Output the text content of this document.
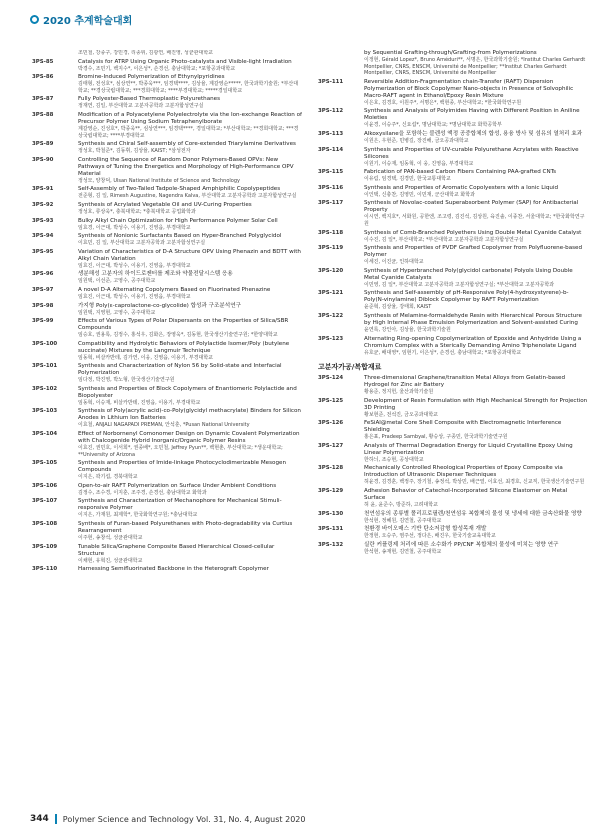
2020 추계학술대회
조민철, 강종구, 강민경, 리종위, 김광연, 배진영, 성균관대학교
3PS-85	Catalysis for ATRP Using Organic Photo-catalysts and Visible-light Irradiation
박경수, 조민기, 백지수*, 이은성*, 손경선, 충남대학교; *포항공과대학교
3PS-86	Bromine-Induced Polymerization of Ethynylpyridines
김태형, 전성호*, 심상연**, 박종욱***, 임경택****, 김상율, 계갈영순*****, 한국과학기술원; *부산대학교; **경상국립대학교; ***경희대학교; ****부경대학교; *****경일대학교
3PS-87	Fully Polyester-Based Thermoplastic Polyurethanes
정재연, 김일, 부산대학교 고분자공학과 고분자합성연구실
3PS-88	Modification of a Polyacetylene Polyelectrolyte via the Ion-exchange Reaction of Precursor Polymer Using Sodium Tetraphenylborate
계갈영순, 진성호*, 박종욱**, 심상연***, 임경택****, 경일대학교; *부산대학교; **경희대학교; ***경상국립대학교; ****부경대학교
3PS-89	Synthesis and Chiral Self-assembly of Core-extended Triarylamine Derivatives
정성호, 박철준*, 김동휘, 김상율, KAIST; *삼성전자
3PS-90	Controlling the Sequence of Random Donor Polymers-Based OPVs: New Pathways of Tuning the Energetics and Morphology of High-Performance OPV Material
정성모, 양창덕, Ulsan National Institute of Science and Technology
3PS-91	Self-Assembly of Two-Tailed Tadpole-Shaped Amphiphilic Copolypeptides
전준형, 김 일, Rimesh Augustine, Nagendra Kalva, 부산대학교 고분자공학과 고분자합성연구실
3PS-92	Synthesis of Acrylated Vegetable Oil and UV-Curing Properties
정성호, 류상욱*, 충북대학교; *충북대학교 공업화학과
3PS-93	Bulky Alkyl Chain Optimization for High Performance Polymer Solar Cell
임효경, 이근대, 박성수, 이용기, 진영읍, 부경대학교
3PS-94	Synthesis of Nonionic Surfactants Based on Hyper-Branched Polyglycidol
이효민, 김 일, 부산대학교 고분자공학과 고분자합성연구실
3PS-95	Variation of Characteristics of D-A Structure OPV Using Phenazin and BDTT with Alkyl Chain Variation
임효진, 이근대, 박성수, 이용기, 진영읍, 부경대학교
3PS-96	생분해성 고분자의 하이드로젠터를 제조와 약물전달시스템 응용
임원택, 이선준, 고영수, 공주대학교
3PS-97	A novel D-A Alternating Copolymers Based on Fluorinated Phenazine
임효진, 이근대, 박성수, 이용기, 진영읍, 부경대학교
3PS-98	가지형 Poly(ε-caprolactone-co-glycolide) 합성과 구조분석연구
임원택, 지영현, 고영수, 공주대학교
3PS-99	Effects of Various Types of Polar Dispersants on the Properties of Silica/SBR Compounds
임승호, 권용록, 김정수, 홍석우, 김화은, 장영욱*, 김동현, 한국생산기술연구원; *한양대학교
3PS-100	Compatibility and Hydrolytic Behaviors of Polylactide Isomer/Poly (butylene succinate) Mixtures by the Langmuir Technique
임동혁, 비살카반테, 김가연, 이웅, 진영읍, 이용기, 부경대학교
3PS-101	Synthesis and Characterization of Nylon 56 by Solid-state and Interfacial Polymerization
임다정, 박진영, 박노형, 한국생산기술연구원
3PS-102	Synthesis and Properties of Block Copolymers of Enantiomeric Polylactide and Biopolyester
임동혁, 이승재, 비살카반테, 진영읍, 이용기, 부경대학교
3PS-103	Synthesis of Poly(acrylic acid)-co-Poly(glycidyl methacrylate) Binders for Silicon Anodes in Lithium Ion Batteries
이효철, ANJALI NAGAPADI PREMAN, 안석훈, *Pusan National University
3PS-104	Effect of Norbornenyl Comonomer Design on Dynamic Covalent Polymerization with Chalcogenide Hybrid Inorganic/Organic Polymer Resins
이효진, 권민호, 이서희*, 권종배*, 오민철, Jeffrey Pyun**, 백현춘, 부산대학교; *생운대학교; **University of Arizona
3PS-105	Synthesis and Properties of Imide-linkage Photocyclodimerizable Mesogen Compounds
이지은, 곽기섭, 경북대학교
3PS-106	Open-to-air RAFT Polymerization on Surface Under Ambient Conditions
김정수, 조수경, 이지훈, 조주경, 손경선, 충남대학교 화학과
3PS-107	Synthesis and Characterization of Mechanophore for Mechanical Stimuli-responsive Polymer
이지은, 가재원, 최제학*, 한국화학연구원; *충남대학교
3PS-108	Synthesis of Furan-based Polyurethanes with Photo-degradability via Curtius Rearrangement
이주현, 송창석, 성균관대학교
3PS-109	Tunable Silica/Graphene Composite Based Hierarchical Closed-cellular Structure
이채현, 유혁진, 성균관대학교
3PS-110	Harnessing Semifluorinated Backbone in the Heterograft Copolymer
by Sequential Grafting-through/Grafting-from Polymerizations
이정현, Gérald Lopez*, Bruno Améduri**, 서명은, 한국과학기술원; *Institut Charles Gerhardt Montpellier, CNRS, ENSCM, Université de Montpellier; **Institut Charles Gerhardt Montpellier, CNRS, ENSCM, Université de Montpellier
3PS-111	Reversible Addition-Fragmentation chain-Transfer (RAFT) Dispersion Polymerization of Block Copolymer Nano-objects in Presence of Solvophilic Macro-RAFT agent in Ethanol/Epoxy Resin Mixture
이은호, 김경호, 이원주*, 서명은*, 백현종, 부산대학교; *한국화학연구원
3PS-112	Synthesis and Analysis of Polyimides Having with Different Position in Aniline Moieties
이윤경, 이승주*, 신요섭*, 명남대학교; *명남대학교 화학공학부
3PS-113	Alkoxysilane을 포함하는 블렌성 액정 공중합체의 합성, 용융 방사 및 섬유의 열처리 효과
이원은, 우현준, 민병길, 장진해, 금오공과대학교
3PS-114	Synthesis and Properties of UV-curable Polyurethane Acrylates with Reactive Silicones
이원기, 이승재, 임동혁, 이 웅, 진영읍, 부경대학교
3PS-115	Fabrication of PAN-based Carbon Fibers Containing PAA-grafted CNTs
이유림, 임경택, 김경민, 한국교통대학교
3PS-116	Synthesis and Properties of Aromatic Copolyesters with a Ionic Liquid
이인택, 신충찬, 김영민, 이민재, 군산대학교 화학과
3PS-117	Synthesis of Novolac-coated Superabsorbent Polymer (SAP) for Antibacterial Property
이시연, 백지호*, 서화원, 공한엔, 조고령, 김진석, 김상원, 육진솔, 이종찬, 서울대학교; *한국화학연구원
3PS-118	Synthesis of Comb-Branched Polyethers Using Double Metal Cyanide Catalyst
이수진, 김 일*, 부산대학교; *부산대학교 고분자공학과 고분자합성연구실
3PS-119	Synthesis and Properties of PVDF Grafted Copolymer from Polyfluorene-based Polymer
이세진, 이진균, 인하대학교
3PS-120	Synthesis of Hyperbranched Poly(glycidol carbonate) Polyols Using Double Metal Cyanide Catalysts
이민영, 김 일*, 부산대학교 고분자공학과 고분자합성연구실; *부산대학교 고분자공학과
3PS-121	Synthesis and Self-assembly of pH-Responsive Poly(4-hydroxystyrene)-b-Poly(N-vinylamine) Diblock Copolymer by RAFT Polymerization
윤준혁, 김상율, 강태희, KAIST
3PS-122	Synthesis of Melamine-formaldehyde Resin with Hierarchical Porous Structure by High Internal Phase Emulsion Polymerization and Solvent-assisted Curing
윤연록, 강인아, 김상율, 한국과학기술원
3PS-123	Alternating Ring-opening Copolymerization of Epoxide and Anhydride Using a Chromium Complex with a Sterically Demanding Amino Triphenolate Ligand
유호균, 배대영*, 임현기, 이은성*, 손경선, 충남대학교; *포항공과대학교
고분자가공/복합재료
3PS-124	Three-dimensional Graphene/transition Metal Alloys from Gelatin-based Hydrogel for Zinc air Battery
황용준, 정지헌, 울산과학기술원
3PS-125	Development of Resin Formulation with High Mechanical Strength for Projection 3D Printing
황보현준, 전석진, 금오공과대학교
3PS-126	FeSiAl@metal Core Shell Composite with Electromagnetic Interference Shielding
홍은표, Pradeep Sambyal, 황승상, 구종민, 한국과학기술연구원
3PS-127	Analysis of Thermal Degradation Energy for Liquid Crystalline Epoxy Using Linear Polymerization
한하늬, 조승현, 공상대학교
3PS-128	Mechanically Controlled Rheological Properties of Epoxy Composite via Introduction of Ultrasonic Disperser Techniques
허윤경, 김경훈, 백정주, 장기철, 송정석, 박상민, 배근열, 이효선, 최경호, 신교직, 한국생산기술연구원
3PS-129	Adhesion Behavior of Catechol-Incorporated Silicone Elastomer on Metal Surface
허 윤, 윤준수, 방준하, 고려대학교
3PS-130	천연섬유의 종류별 폴리프로필렌/천연섬유 복합체의 물성 및 냉세에 대한 금속산화물 영향
한석현, 정혜원, 김연철, 공주대학교
3PS-131	천환경 바이오매스 기반 탄소저감형 합성목재 개발
한정현, 오승주, 염주선, 정다은, 배진우, 한국기술교육대학교
3PS-132	실란 커플링제 처리에 따른 소수화가 PP/CNF 복합체의 물성에 미치는 영향 연구
한석현, 송재현, 김연철, 공주대학교
344 Polymer Science and Technology Vol. 31, No. 4, August 2020
